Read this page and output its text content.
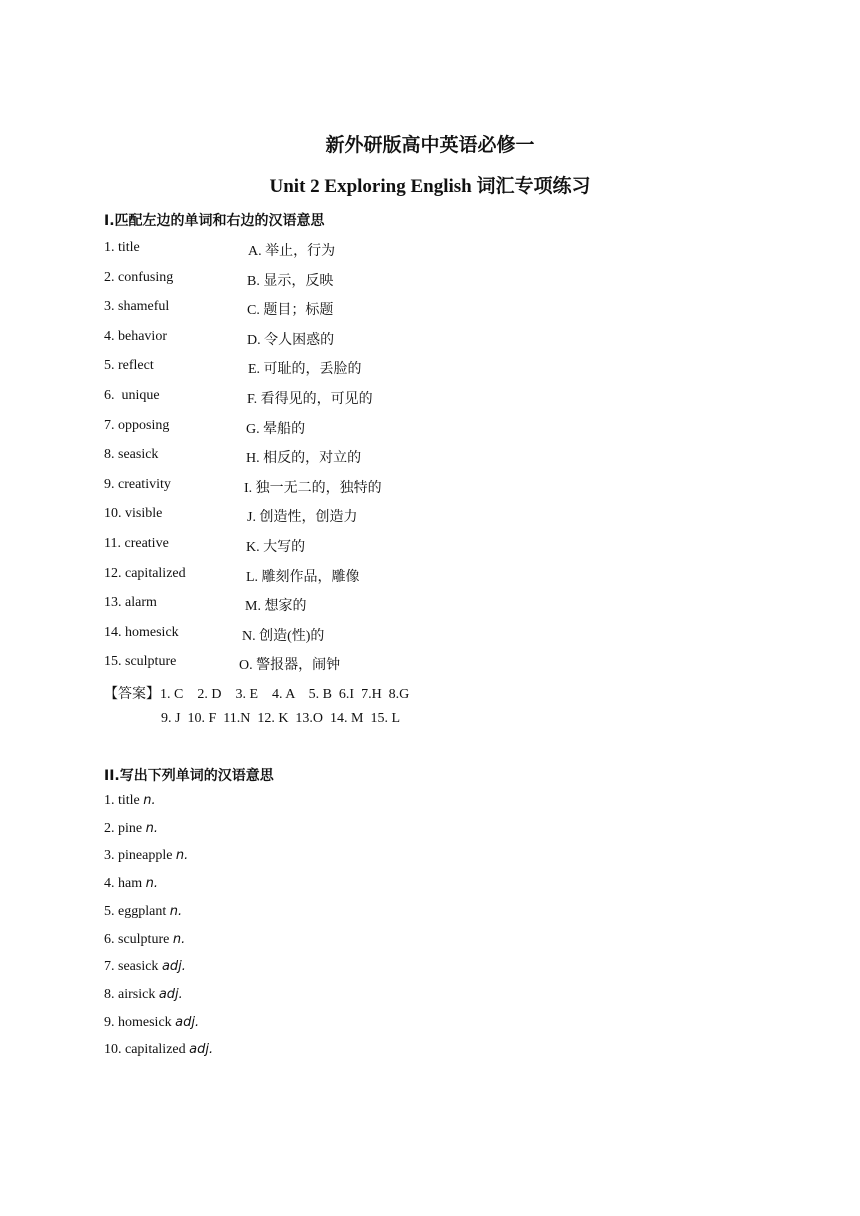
新外研版高中英语必修一
Unit 2 Exploring English 词汇专项练习
I.匹配左边的单词和右边的汉语意思
1. title	A. 举止，行为
2. confusing	B. 显示，反映
3. shameful	C. 题目；标题
4. behavior	D. 令人困惑的
5. reflect	E. 可耻的，丢脸的
6.  unique	F. 看得见的，可见的
7. opposing	G. 晕船的
8. seasick	H. 相反的，对立的
9. creativity	I. 独一无二的，独特的
10. visible	J. 创造性，创造力
11. creative	K. 大写的
12. capitalized	L. 雕刻作品，雕像
13. alarm	M. 想家的
14. homesick	N. 创造(性)的
15. sculpture	O. 警报器，闹钟
【答案】1. C    2. D    3. E    4. A    5. B  6.I  7.H  8.G
9. J  10. F  11.N  12. K  13.O  14. M  15. L
II.写出下列单词的汉语意思
1. title n.
2. pine n.
3. pineapple n.
4. ham n.
5. eggplant n.
6. sculpture n.
7. seasick adj.
8. airsick adj.
9. homesick adj.
10. capitalized adj.
